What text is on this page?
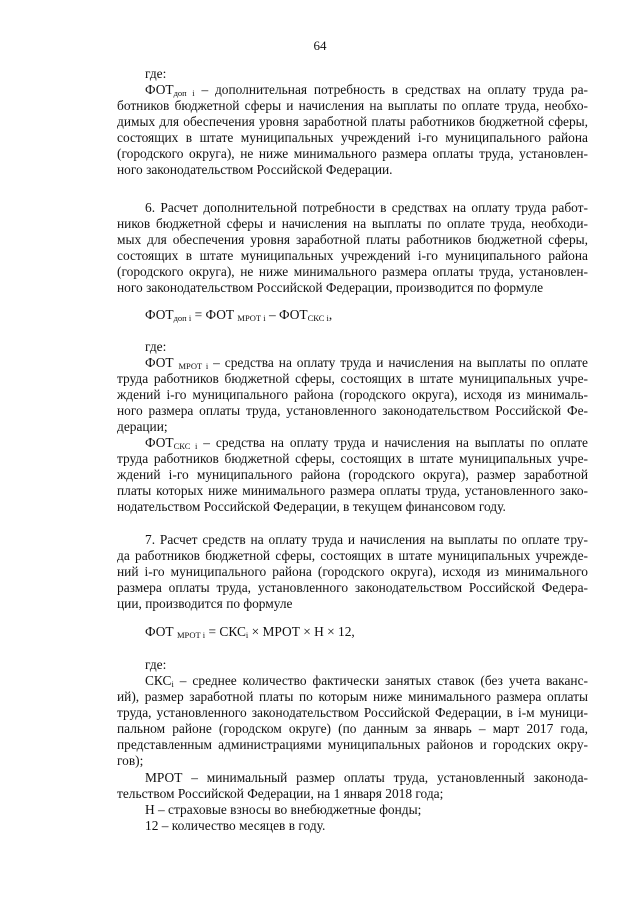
64
где:
$ФОТ_{доп i}$ – дополнительная потребность в средствах на оплату труда ра-
ботников бюджетной сферы и начисления на выплаты по оплате труда, необхо-
димых для обеспечения уровня заработной платы работников бюджетной сферы,
состоящих в штате муниципальных учреждений i-го муниципального района
(городского округа), не ниже минимального размера оплаты труда, установлен-
ного законодательством Российской Федерации.
6. Расчет дополнительной потребности в средствах на оплату труда работ-
ников бюджетной сферы и начисления на выплаты по оплате труда, необходи-
мых для обеспечения уровня заработной платы работников бюджетной сферы,
состоящих в штате муниципальных учреждений i-го муниципального района
(городского округа), не ниже минимального размера оплаты труда, установлен-
ного законодательством Российской Федерации, производится по формуле
$ФОТ_{доп i}$ = ФОТ $_{МРОТ i} - ФОТ_{СКС i}$,
где:
ФОТ $_{МРОТ i}$ – средства на оплату труда и начисления на выплаты по оплате
труда работников бюджетной сферы, состоящих в штате муниципальных учре-
ждений i-го муниципального района (городского округа), исходя из минималь-
ного размера оплаты труда, установленного законодательством Российской Фе-
дерации;
$ФОТ_{СКС i}$ – средства на оплату труда и начисления на выплаты по оплате
труда работников бюджетной сферы, состоящих в штате муниципальных учре-
ждений i-го муниципального района (городского округа), размер заработной
платы которых ниже минимального размера оплаты труда, установленного зако-
нодательством Российской Федерации, в текущем финансовом году.
7. Расчет средств на оплату труда и начисления на выплаты по оплате тру-
да работников бюджетной сферы, состоящих в штате муниципальных учрежде-
ний i-го муниципального района (городского округа), исходя из минимального
размера оплаты труда, установленного законодательством Российской Федера-
ции, производится по формуле
ФОТ $_{МРОТ i} = СКС_i$ × МРОТ × Н × 12,
где:
$СКС_i$ – среднее количество фактически занятых ставок (без учета ваканс-
ий), размер заработной платы по которым ниже минимального размера оплаты
труда, установленного законодательством Российской Федерации, в i-м муници-
пальном районе (городском округе) (по данным за январь – март 2017 года,
представленным администрациями муниципальных районов и городских окру-
гов);
МРОТ – минимальный размер оплаты труда, установленный законода-
тельством Российской Федерации, на 1 января 2018 года;
Н – страховые взносы во внебюджетные фонды;
12 – количество месяцев в году.
